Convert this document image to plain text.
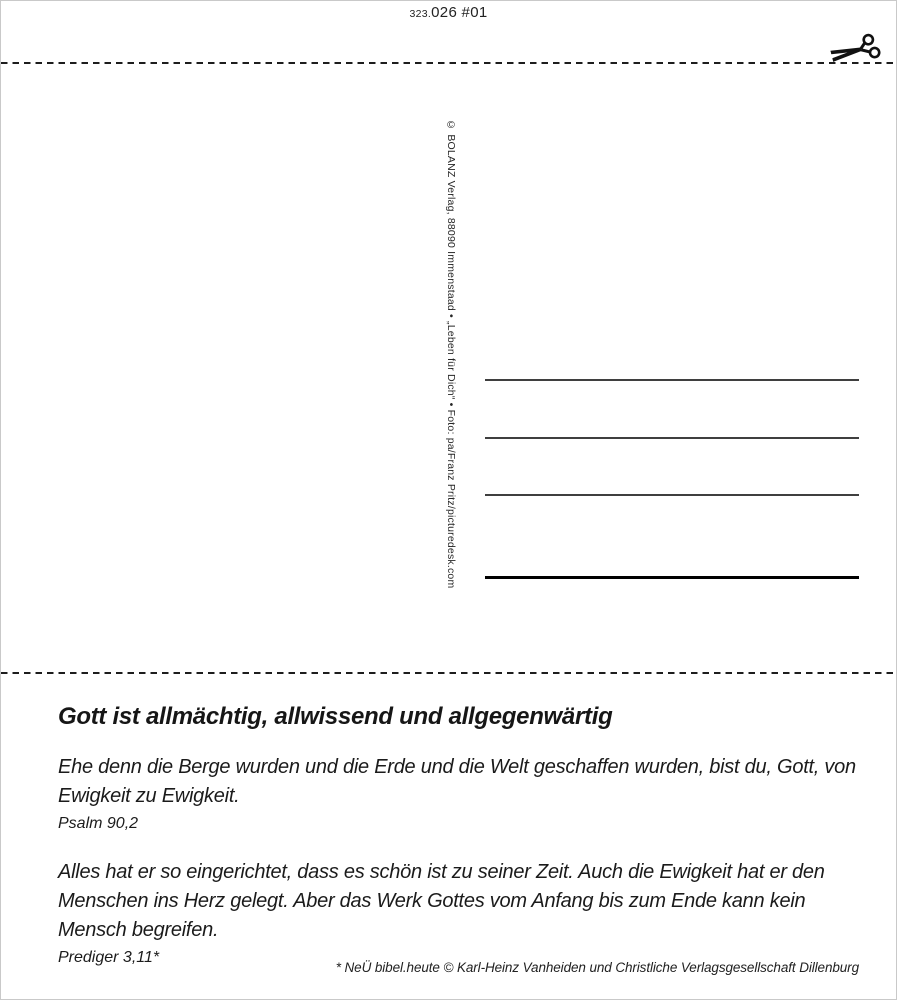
323.026 #01
© BOLANZ Verlag, 88090 Immenstaad • „Leben für Dich“ • Foto: pa/Franz Pritz/picturedesk.com
Gott ist allmächtig, allwissend und allgegenwärtig

Ehe denn die Berge wurden und die Erde und die Welt geschaffen wurden, bist du, Gott, von Ewigkeit zu Ewigkeit.

Psalm 90,2

Alles hat er so eingerichtet, dass es schön ist zu seiner Zeit. Auch die Ewigkeit hat er den Menschen ins Herz gelegt. Aber das Werk Gottes vom Anfang bis zum Ende kann kein Mensch begreifen.

Prediger 3,11*

* NeÜ bibel.heute © Karl-Heinz Vanheiden und Christliche Verlagsgesellschaft Dillenburg
